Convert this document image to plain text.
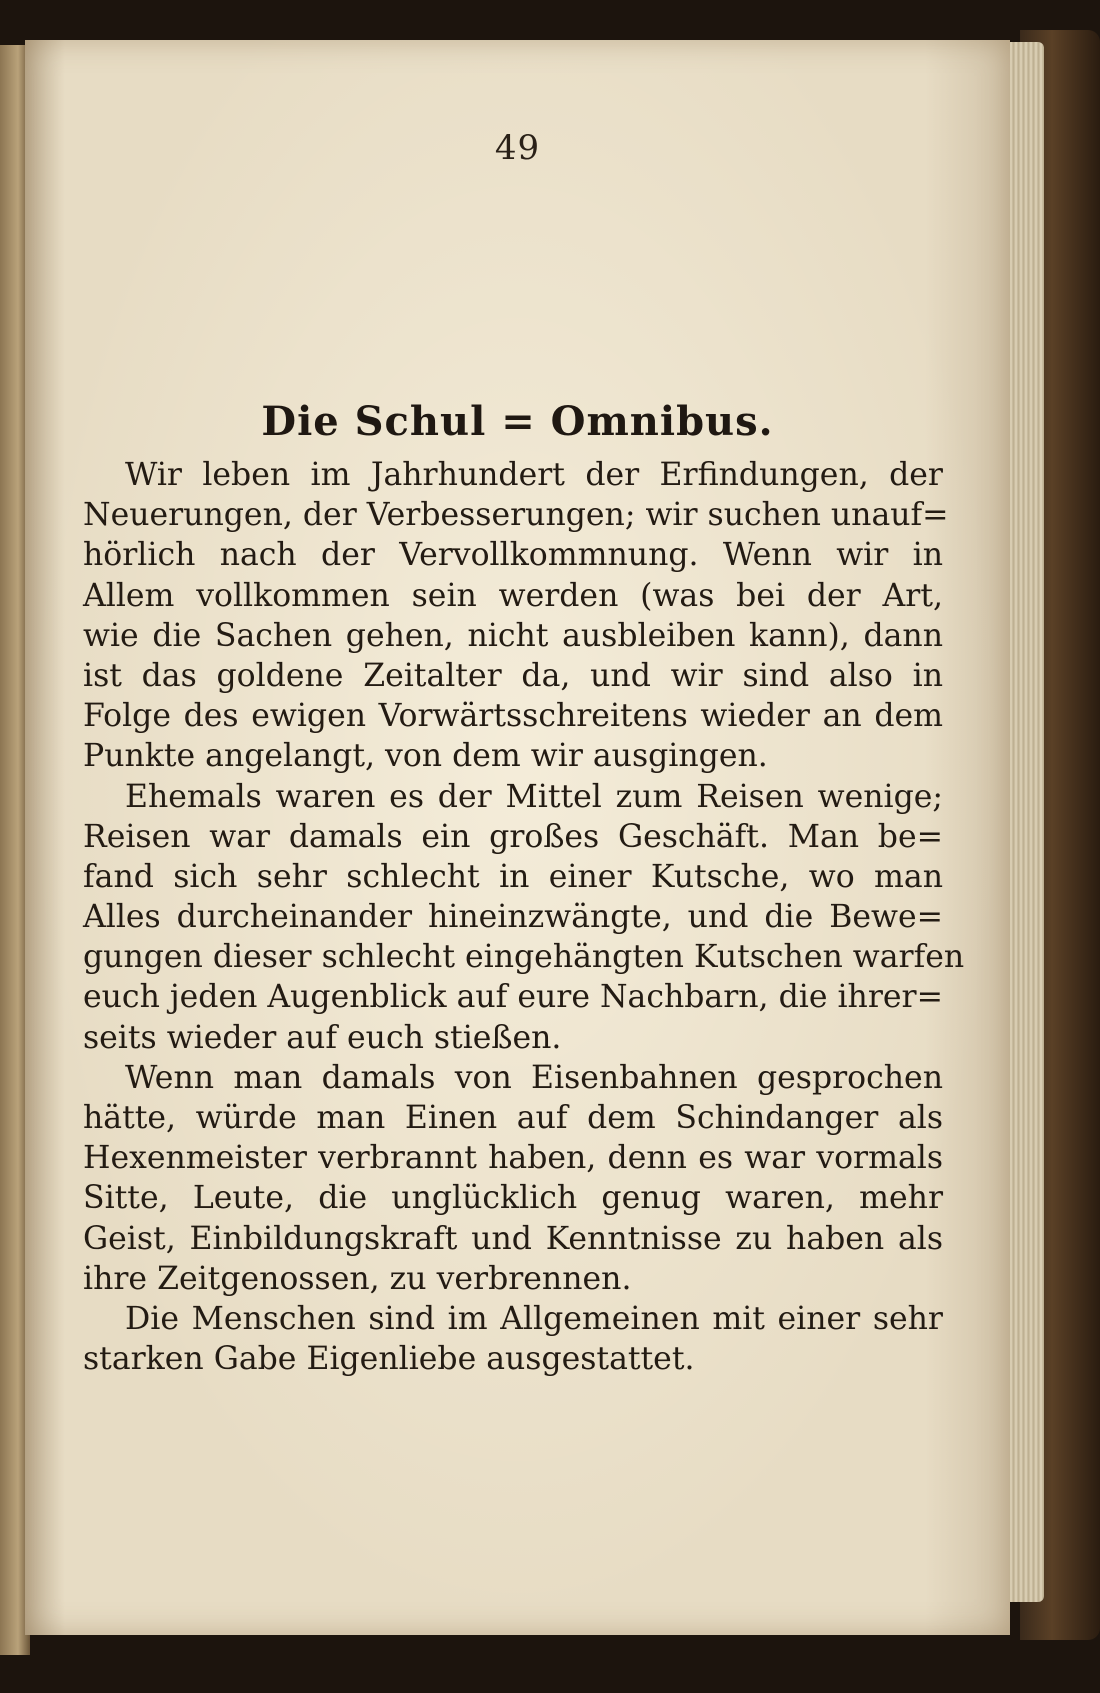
49
Die Schul = Omnibus.
Wir leben im Jahrhundert der Erfindungen, der
Neuerungen, der Verbesserungen; wir suchen unauf=
hörlich nach der Vervollkommnung. Wenn wir in
Allem vollkommen sein werden (was bei der Art,
wie die Sachen gehen, nicht ausbleiben kann), dann
ist das goldene Zeitalter da, und wir sind also in
Folge des ewigen Vorwärtsschreitens wieder an dem
Punkte angelangt, von dem wir ausgingen.
Ehemals waren es der Mittel zum Reisen wenige;
Reisen war damals ein großes Geschäft. Man be=
fand sich sehr schlecht in einer Kutsche, wo man
Alles durcheinander hineinzwängte, und die Bewe=
gungen dieser schlecht eingehängten Kutschen warfen
euch jeden Augenblick auf eure Nachbarn, die ihrer=
seits wieder auf euch stießen.
Wenn man damals von Eisenbahnen gesprochen
hätte, würde man Einen auf dem Schindanger als
Hexenmeister verbrannt haben, denn es war vormals
Sitte, Leute, die unglücklich genug waren, mehr
Geist, Einbildungskraft und Kenntnisse zu haben als
ihre Zeitgenossen, zu verbrennen.
Die Menschen sind im Allgemeinen mit einer sehr
starken Gabe Eigenliebe ausgestattet.
